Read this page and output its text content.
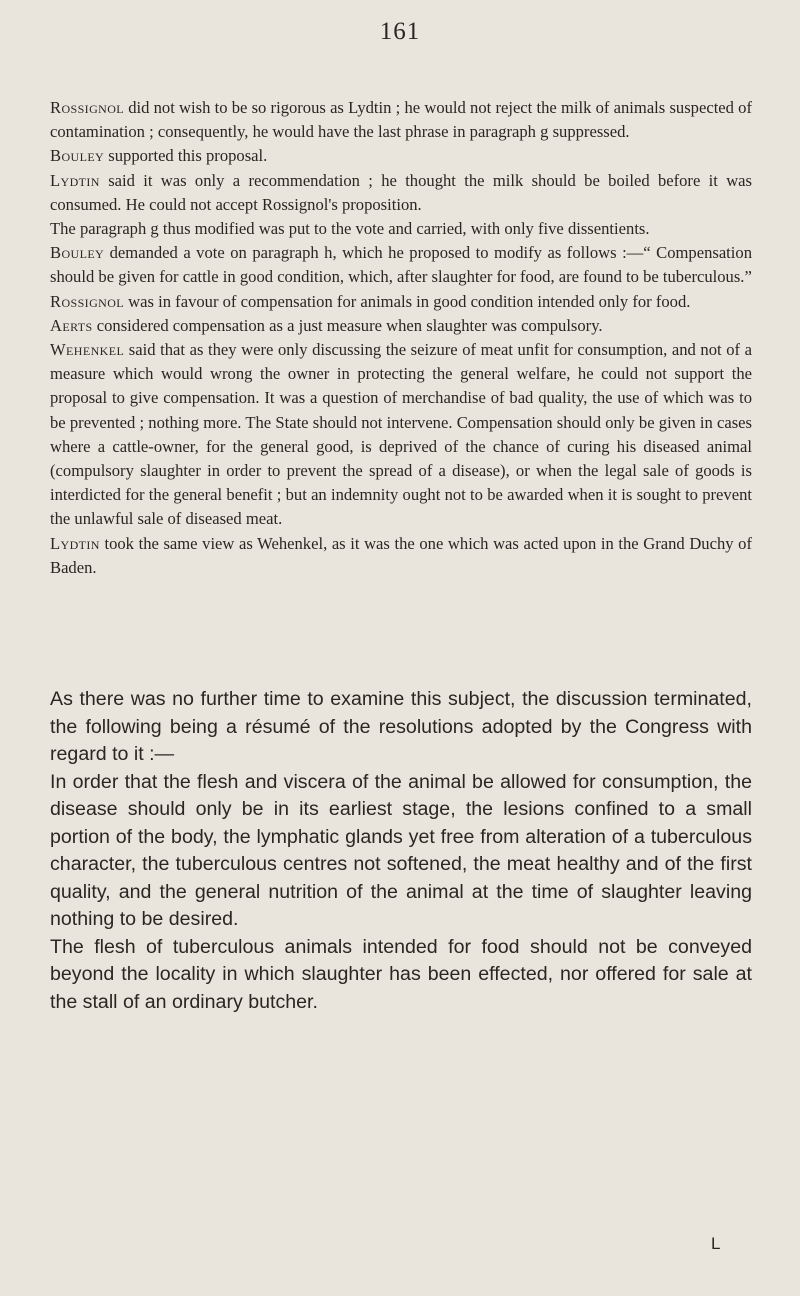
161

Rossignol did not wish to be so rigorous as Lydtin ; he would not reject the milk of animals suspected of contamination ; consequently, he would have the last phrase in paragraph g suppressed.

Bouley supported this proposal.

Lydtin said it was only a recommendation ; he thought the milk should be boiled before it was consumed. He could not accept Rossignol's proposition.

The paragraph g thus modified was put to the vote and carried, with only five dissentients.

Bouley demanded a vote on paragraph h, which he proposed to modify as follows :—“ Compensation should be given for cattle in good condition, which, after slaughter for food, are found to be tuberculous.”

Rossignol was in favour of compensation for animals in good condition intended only for food.

Aerts considered compensation as a just measure when slaughter was compulsory.

Wehenkel said that as they were only discussing the seizure of meat unfit for consumption, and not of a measure which would wrong the owner in protecting the general welfare, he could not support the proposal to give compensation. It was a question of merchandise of bad quality, the use of which was to be prevented ; nothing more. The State should not intervene. Compensation should only be given in cases where a cattle-owner, for the general good, is deprived of the chance of curing his diseased animal (compulsory slaughter in order to prevent the spread of a disease), or when the legal sale of goods is interdicted for the general benefit ; but an indemnity ought not to be awarded when it is sought to prevent the unlawful sale of diseased meat.

Lydtin took the same view as Wehenkel, as it was the one which was acted upon in the Grand Duchy of Baden.

As there was no further time to examine this subject, the discussion terminated, the following being a résumé of the resolutions adopted by the Congress with regard to it :—

In order that the flesh and viscera of the animal be allowed for consumption, the disease should only be in its earliest stage, the lesions confined to a small portion of the body, the lymphatic glands yet free from alteration of a tuberculous character, the tuberculous centres not softened, the meat healthy and of the first quality, and the general nutrition of the animal at the time of slaughter leaving nothing to be desired.

The flesh of tuberculous animals intended for food should not be conveyed beyond the locality in which slaughter has been effected, nor offered for sale at the stall of an ordinary butcher.

L
